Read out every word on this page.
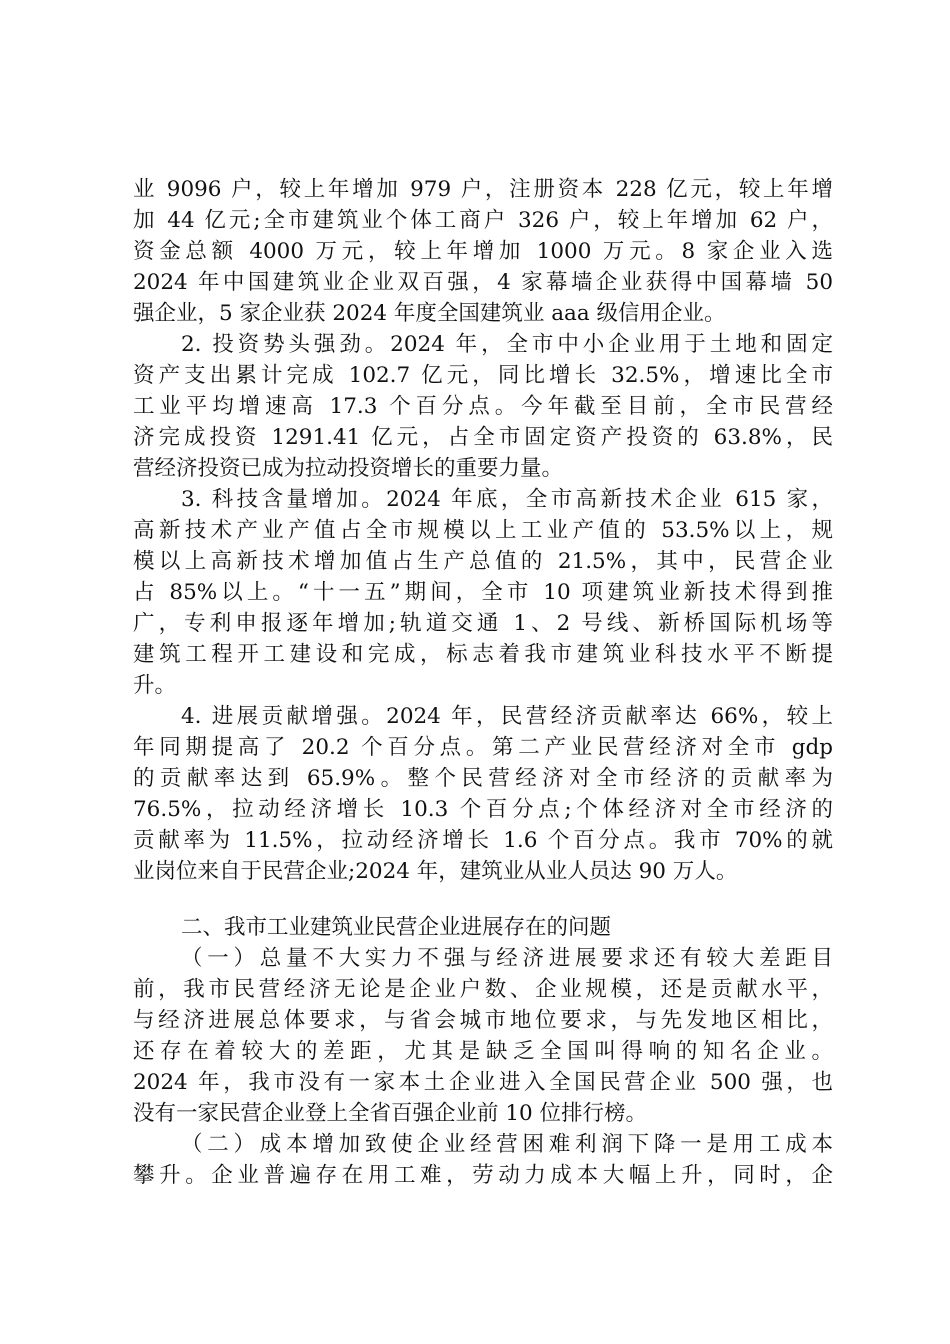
业 9096 户，较上年增加 979 户，注册资本 228 亿元，较上年增
加 44 亿元;全市建筑业个体工商户 326 户，较上年增加 62 户，
资金总额 4000 万元，较上年增加 1000 万元。8 家企业入选
2024 年中国建筑业企业双百强，4 家幕墙企业获得中国幕墙 50
强企业，5 家企业获 2024 年度全国建筑业 aaa 级信用企业。
2. 投资势头强劲。2024 年，全市中小企业用于土地和固定
资产支出累计完成 102.7 亿元，同比增长 32.5%，增速比全市
工业平均增速高 17.3 个百分点。今年截至目前，全市民营经
济完成投资 1291.41 亿元，占全市固定资产投资的 63.8%，民
营经济投资已成为拉动投资增长的重要力量。
3. 科技含量增加。2024 年底，全市高新技术企业 615 家，
高新技术产业产值占全市规模以上工业产值的 53.5%以上，规
模以上高新技术增加值占生产总值的 21.5%，其中，民营企业
占 85%以上。“十一五”期间，全市 10 项建筑业新技术得到推
广，专利申报逐年增加;轨道交通 1、2 号线、新桥国际机场等
建筑工程开工建设和完成，标志着我市建筑业科技水平不断提
升。
4. 进展贡献增强。2024 年，民营经济贡献率达 66%，较上
年同期提高了 20.2 个百分点。第二产业民营经济对全市 gdp
的贡献率达到 65.9%。整个民营经济对全市经济的贡献率为
76.5%，拉动经济增长 10.3 个百分点;个体经济对全市经济的
贡献率为 11.5%，拉动经济增长 1.6 个百分点。我市 70%的就
业岗位来自于民营企业;2024 年，建筑业从业人员达 90 万人。
二、我市工业建筑业民营企业进展存在的问题
（一）总量不大实力不强与经济进展要求还有较大差距目
前，我市民营经济无论是企业户数、企业规模，还是贡献水平，
与经济进展总体要求，与省会城市地位要求，与先发地区相比，
还存在着较大的差距，尤其是缺乏全国叫得响的知名企业。
2024 年，我市没有一家本土企业进入全国民营企业 500 强，也
没有一家民营企业登上全省百强企业前 10 位排行榜。
（二）成本增加致使企业经营困难利润下降一是用工成本
攀升。企业普遍存在用工难，劳动力成本大幅上升，同时，企
